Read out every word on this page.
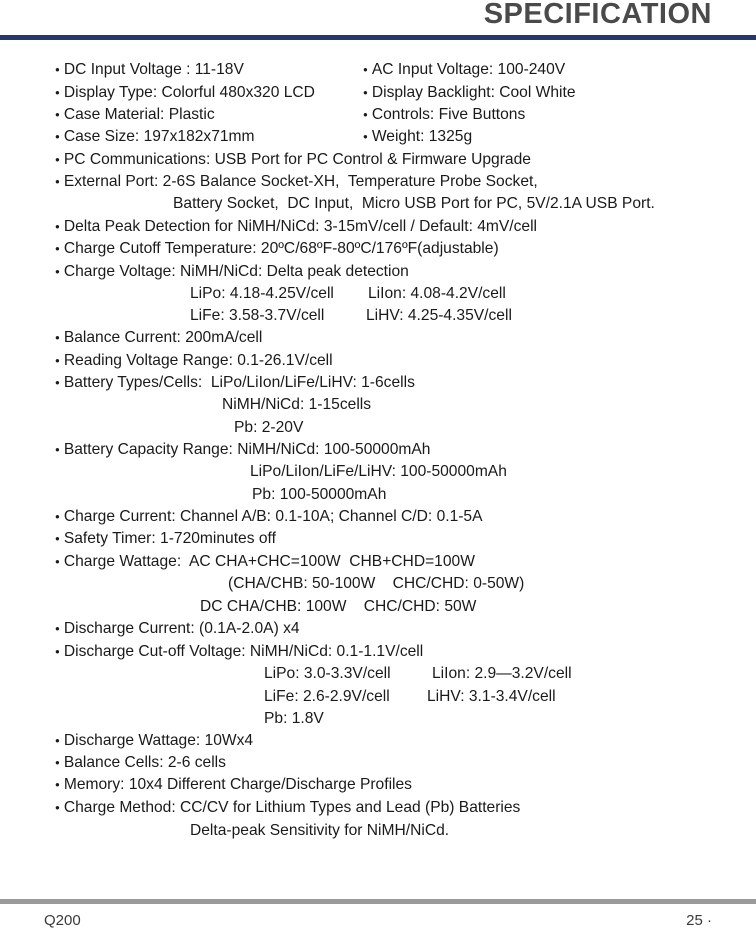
SPECIFICATION
● DC Input Voltage : 11-18V	● AC Input Voltage: 100-240V
● Display Type: Colorful 480x320 LCD	● Display Backlight: Cool White
● Case Material: Plastic	● Controls: Five Buttons
● Case Size: 197x182x71mm	● Weight: 1325g
● PC Communications: USB Port for PC Control & Firmware Upgrade
● External Port: 2-6S Balance Socket-XH,  Temperature Probe Socket,
Battery Socket,  DC Input,  Micro USB Port for PC, 5V/2.1A USB Port.
● Delta Peak Detection for NiMH/NiCd: 3-15mV/cell / Default: 4mV/cell
● Charge Cutoff Temperature: 20ºC/68ºF-80ºC/176ºF(adjustable)
● Charge Voltage: NiMH/NiCd: Delta peak detection
LiPo: 4.18-4.25V/cell LiIon: 4.08-4.2V/cell
LiFe: 3.58-3.7V/cell	LiHV: 4.25-4.35V/cell
● Balance Current: 200mA/cell
● Reading Voltage Range: 0.1-26.1V/cell
● Battery Types/Cells:  LiPo/LiIon/LiFe/LiHV: 1-6cells
NiMH/NiCd: 1-15cells
Pb: 2-20V
● Battery Capacity Range: NiMH/NiCd: 100-50000mAh
LiPo/LiIon/LiFe/LiHV: 100-50000mAh
Pb: 100-50000mAh
● Charge Current: Channel A/B: 0.1-10A; Channel C/D: 0.1-5A
● Safety Timer: 1-720minutes off
● Charge Wattage:  AC CHA+CHC=100W  CHB+CHD=100W
(CHA/CHB: 50-100W    CHC/CHD: 0-50W)
DC CHA/CHB: 100W    CHC/CHD: 50W
● Discharge Current: (0.1A-2.0A) x4
● Discharge Cut-off Voltage: NiMH/NiCd: 0.1-1.1V/cell
LiPo: 3.0-3.3V/cell	LiIon: 2.9—3.2V/cell
LiFe: 2.6-2.9V/cell LiHV: 3.1-3.4V/cell
Pb: 1.8V
● Discharge Wattage: 10Wx4
● Balance Cells: 2-6 cells
● Memory: 10x4 Different Charge/Discharge Profiles
● Charge Method: CC/CV for Lithium Types and Lead (Pb) Batteries
Delta-peak Sensitivity for NiMH/NiCd.
Q200	25 ·
